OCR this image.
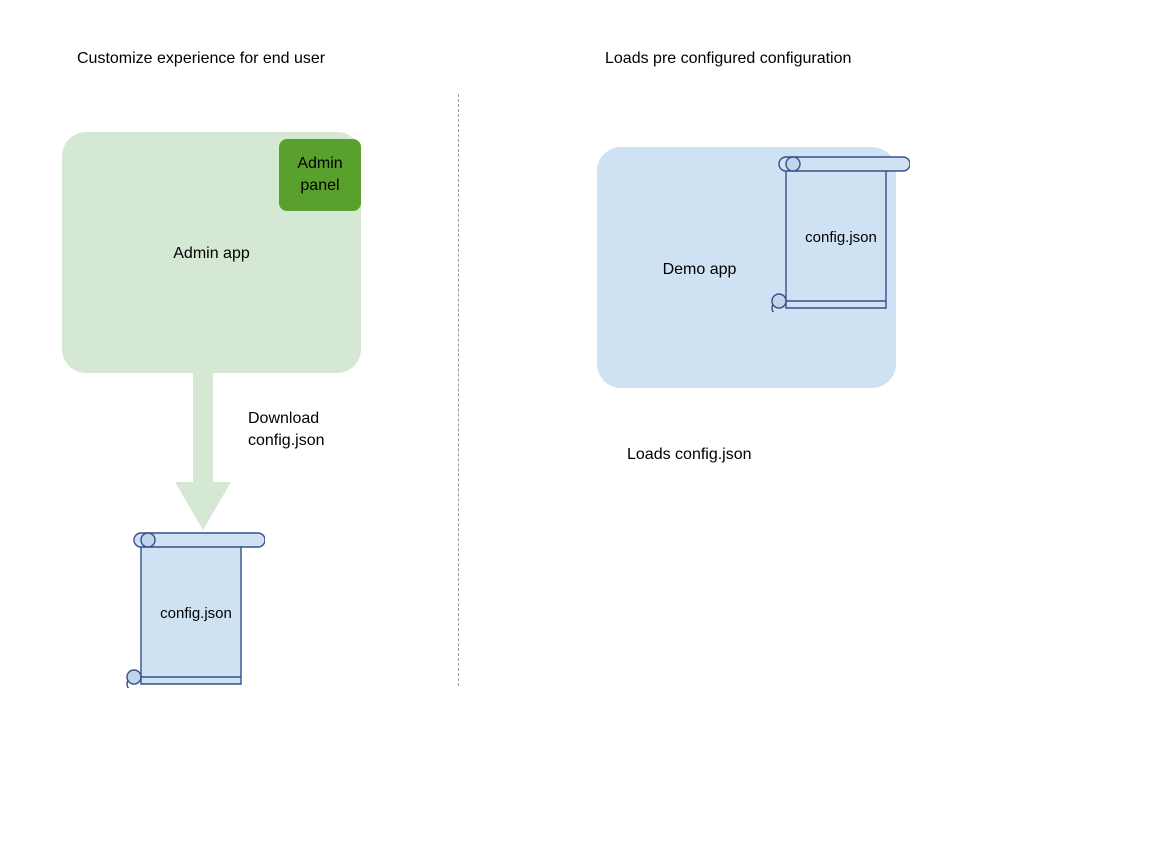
Customize experience for end user	Loads pre configured configuration
Admin app
Admin
panel
Download
config.json
config.json
Demo app
config.json
Loads config.json
